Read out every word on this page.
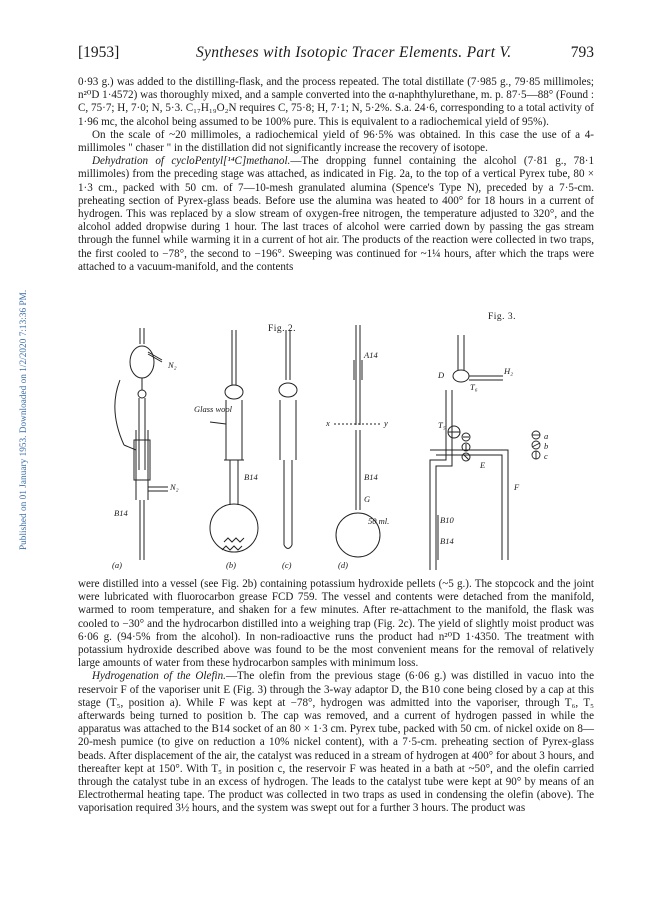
Published on 01 January 1953. Downloaded on 1/2/2020 7:13:36 PM.
[1953]	Syntheses with Isotopic Tracer Elements. Part V.	793

0·93 g.) was added to the distilling-flask, and the process repeated. The total distillate (7·985 g., 79·85 millimoles; n²⁰D 1·4572) was thoroughly mixed, and a sample converted into the α-naphthylurethane, m. p. 87·5—88° (Found : C, 75·7; H, 7·0; N, 5·3. C₁₇H₁₉O₂N requires C, 75·8; H, 7·1; N, 5·2%. S.a. 24·6, corresponding to a total activity of 1·96 mc, the alcohol being assumed to be 100% pure. This is equivalent to a radiochemical yield of 95%).

On the scale of ~20 millimoles, a radiochemical yield of 96·5% was obtained. In this case the use of a 4-millimoles " chaser " in the distillation did not significantly increase the recovery of isotope.

Dehydration of cycloPentyl[¹⁴C]methanol.—The dropping funnel containing the alcohol (7·81 g., 78·1 millimoles) from the preceding stage was attached, as indicated in Fig. 2a, to the top of a vertical Pyrex tube, 80 × 1·3 cm., packed with 50 cm. of 7—10-mesh granulated alumina (Spence's Type N), preceded by a 7·5-cm. preheating section of Pyrex-glass beads. Before use the alumina was heated to 400° for 18 hours in a current of hydrogen. This was replaced by a slow stream of oxygen-free nitrogen, the temperature adjusted to 320°, and the alcohol added dropwise during 1 hour. The last traces of alcohol were carried down by passing the gas stream through the funnel while warming it in a current of hot air. The products of the reaction were collected in two traps, the first cooled to −78°, the second to −196°. Sweeping was continued for ~1¼ hours, after which the traps were attached to a vacuum-manifold, and the contents

Fig. 2.
Fig. 3.
N₂
N₂
B14
Glass wool
B14
A14
x	y
B14
G
50 ml.
(a)	(b)	(c)	(d)
H₂
D
T₆
T₅
E
F
B10
B14
a
b
c

were distilled into a vessel (see Fig. 2b) containing potassium hydroxide pellets (~5 g.). The stopcock and the joint were lubricated with fluorocarbon grease FCD 759. The vessel and contents were detached from the manifold, warmed to room temperature, and shaken for a few minutes. After re-attachment to the manifold, the flask was cooled to −30° and the hydrocarbon distilled into a weighing trap (Fig. 2c). The yield of slightly moist product was 6·06 g. (94·5% from the alcohol). In non-radioactive runs the product had n²⁰D 1·4350. The treatment with potassium hydroxide described above was found to be the most convenient means for the removal of relatively large amounts of water from these hydrocarbon samples with minimum loss.

Hydrogenation of the Olefin.—The olefin from the previous stage (6·06 g.) was distilled in vacuo into the reservoir F of the vaporiser unit E (Fig. 3) through the 3-way adaptor D, the B10 cone being closed by a cap at this stage (T₅, position a). While F was kept at −78°, hydrogen was admitted into the vaporiser, through T₆, T₅ afterwards being turned to position b. The cap was removed, and a current of hydrogen passed in while the apparatus was attached to the B14 socket of an 80 × 1·3 cm. Pyrex tube, packed with 50 cm. of nickel oxide on 8—20-mesh pumice (to give on reduction a 10% nickel content), with a 7·5-cm. preheating section of Pyrex-glass beads. After displacement of the air, the catalyst was reduced in a stream of hydrogen at 400° for about 3 hours, and thereafter kept at 150°. With T₅ in position c, the reservoir F was heated in a bath at ~50°, and the olefin carried through the catalyst tube in an excess of hydrogen. The leads to the catalyst tube were kept at 90° by means of an Electrothermal heating tape. The product was collected in two traps as used in condensing the olefin (above). The vaporisation required 3½ hours, and the system was swept out for a further 3 hours. The product was
